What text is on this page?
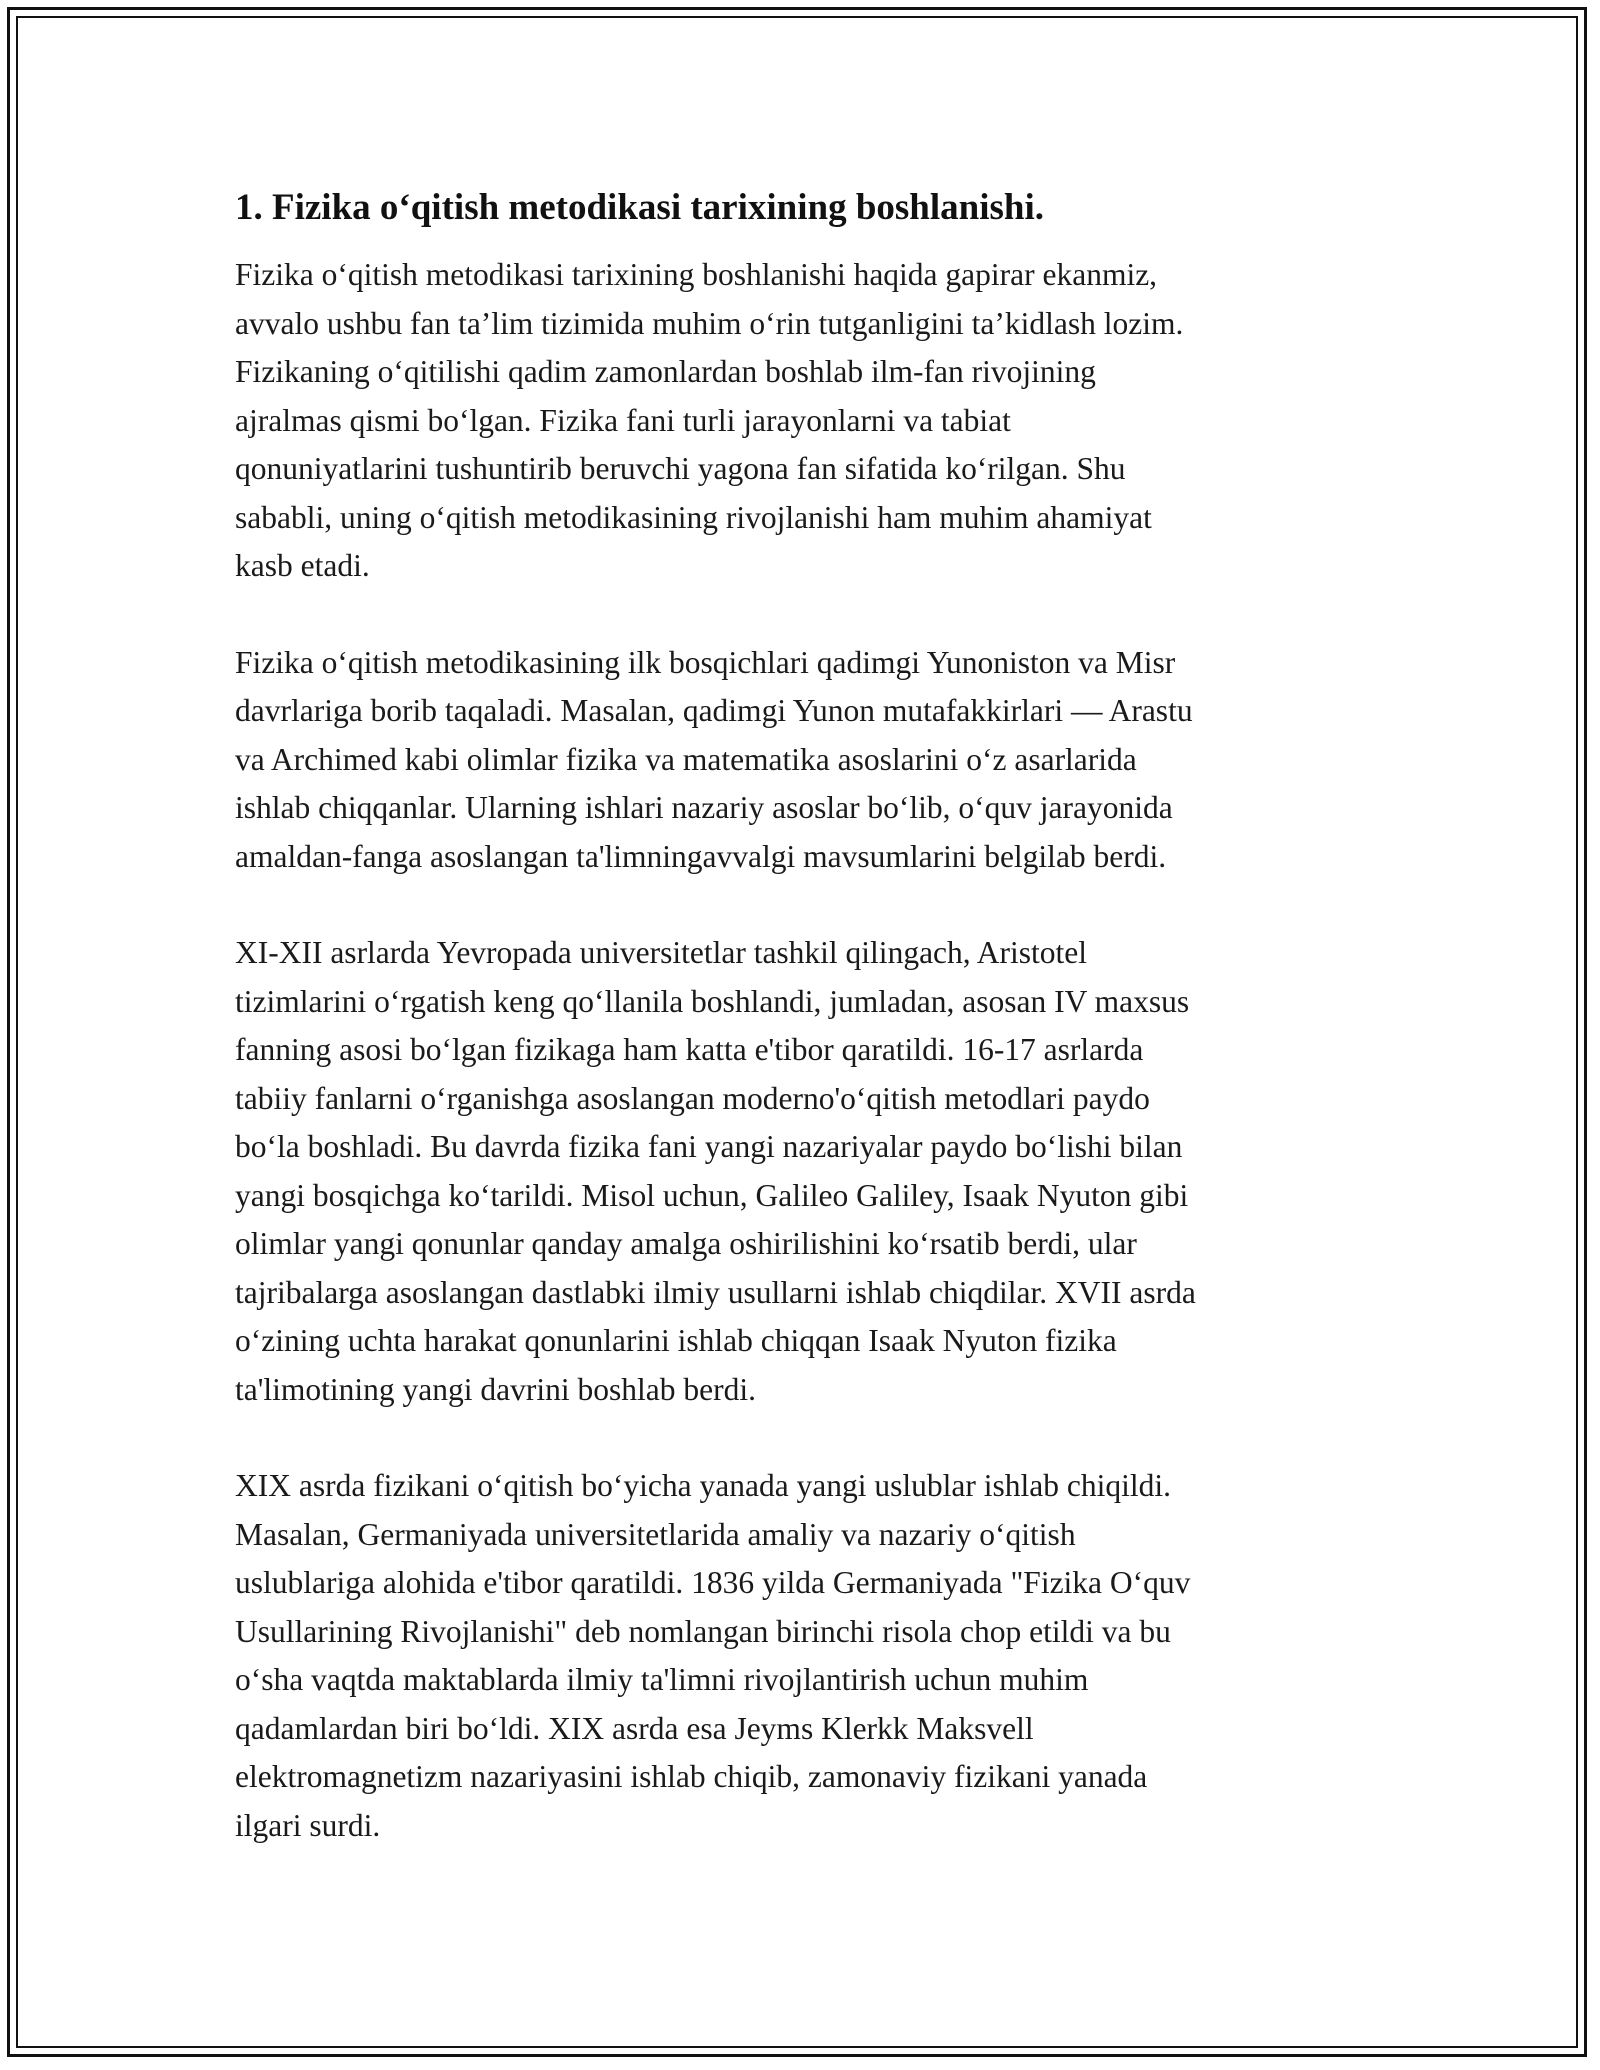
1. Fizika oʻqitish metodikasi tarixining boshlanishi.

Fizika oʻqitish metodikasi tarixining boshlanishi haqida gapirar ekanmiz,
avvalo ushbu fan taʼlim tizimida muhim oʻrin tutganligini taʼkidlash lozim.
Fizikaning oʻqitilishi qadim zamonlardan boshlab ilm-fan rivojining
ajralmas qismi boʻlgan. Fizika fani turli jarayonlarni va tabiat
qonuniyatlarini tushuntirib beruvchi yagona fan sifatida koʻrilgan. Shu
sababli, uning oʻqitish metodikasining rivojlanishi ham muhim ahamiyat
kasb etadi.

Fizika oʻqitish metodikasining ilk bosqichlari qadimgi Yunoniston va Misr
davrlariga borib taqaladi. Masalan, qadimgi Yunon mutafakkirlari — Arastu
va Archimed kabi olimlar fizika va matematika asoslarini oʻz asarlarida
ishlab chiqqanlar. Ularning ishlari nazariy asoslar boʻlib, oʻquv jarayonida
amaldan-fanga asoslangan ta'limningavvalgi mavsumlarini belgilab berdi.

XI-XII asrlarda Yevropada universitetlar tashkil qilingach, Aristotel
tizimlarini oʻrgatish keng qoʻllanila boshlandi, jumladan, asosan IV maxsus
fanning asosi boʻlgan fizikaga ham katta e'tibor qaratildi. 16-17 asrlarda
tabiiy fanlarni oʻrganishga asoslangan moderno'oʻqitish metodlari paydo
boʻla boshladi. Bu davrda fizika fani yangi nazariyalar paydo boʻlishi bilan
yangi bosqichga koʻtarildi. Misol uchun, Galileo Galiley, Isaak Nyuton gibi
olimlar yangi qonunlar qanday amalga oshirilishini koʻrsatib berdi, ular
tajribalarga asoslangan dastlabki ilmiy usullarni ishlab chiqdilar. XVII asrda
oʻzining uchta harakat qonunlarini ishlab chiqqan Isaak Nyuton fizika
ta'limotining yangi davrini boshlab berdi.

XIX asrda fizikani oʻqitish boʻyicha yanada yangi uslublar ishlab chiqildi.
Masalan, Germaniyada universitetlarida amaliy va nazariy oʻqitish
uslublariga alohida e'tibor qaratildi. 1836 yilda Germaniyada "Fizika Oʻquv
Usullarining Rivojlanishi" deb nomlangan birinchi risola chop etildi va bu
oʻsha vaqtda maktablarda ilmiy ta'limni rivojlantirish uchun muhim
qadamlardan biri boʻldi. XIX asrda esa Jeyms Klerkk Maksvell
elektromagnetizm nazariyasini ishlab chiqib, zamonaviy fizikani yanada
ilgari surdi.
